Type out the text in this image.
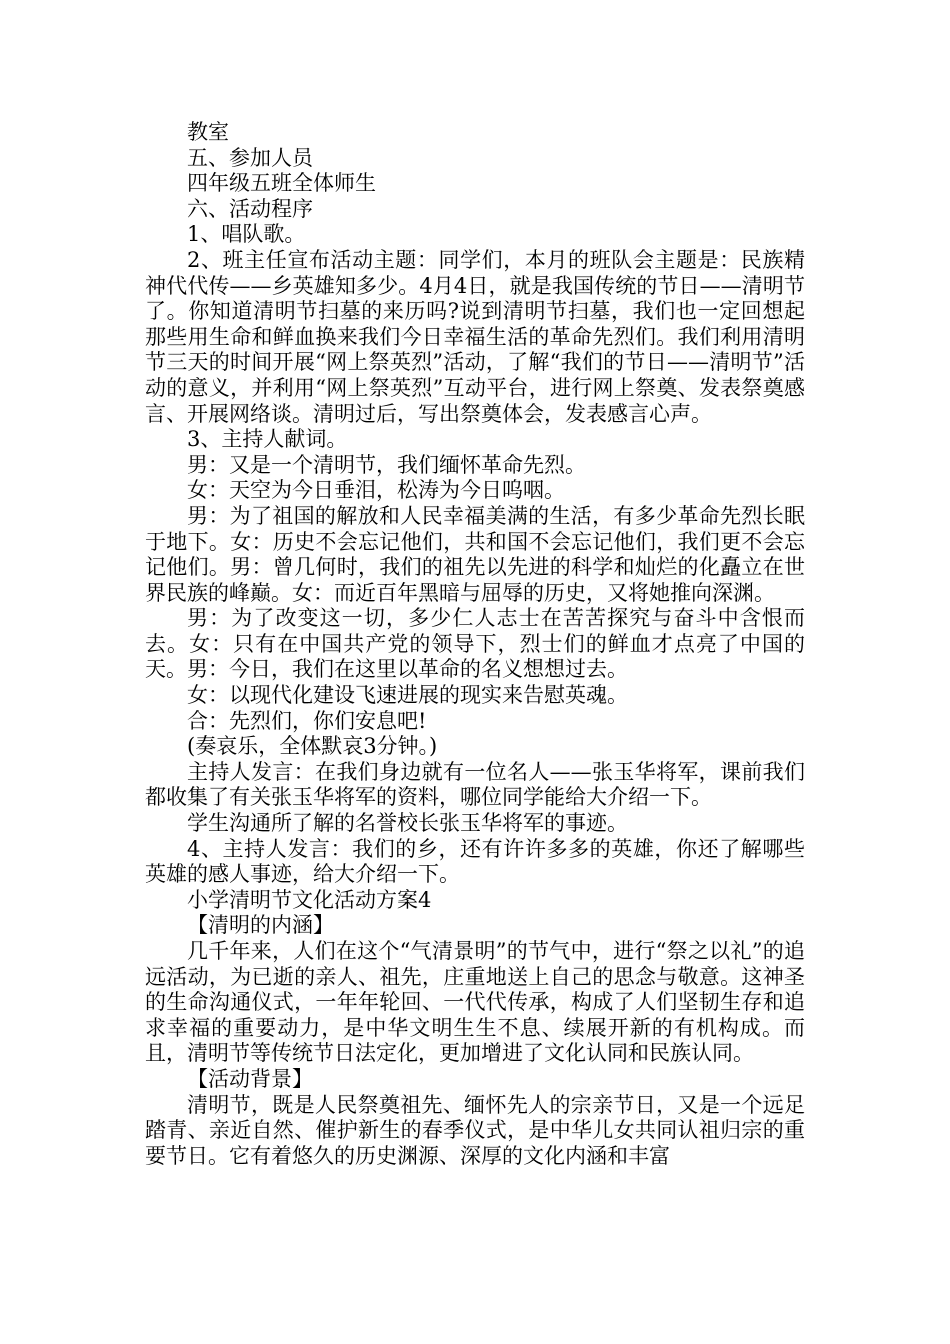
教室

五、参加人员

四年级五班全体师生

六、活动程序

1、唱队歌。

2、班主任宣布活动主题：同学们，本月的班队会主题是：民族精神代代传——乡英雄知多少。4月4日，就是我国传统的节日——清明节了。你知道清明节扫墓的来历吗?说到清明节扫墓，我们也一定回想起那些用生命和鲜血换来我们今日幸福生活的革命先烈们。我们利用清明节三天的时间开展“网上祭英烈”活动，了解“我们的节日——清明节”活动的意义，并利用“网上祭英烈”互动平台，进行网上祭奠、发表祭奠感言、开展网络谈。清明过后，写出祭奠体会，发表感言心声。

3、主持人献词。

男：又是一个清明节，我们缅怀革命先烈。

女：天空为今日垂泪，松涛为今日呜咽。

男：为了祖国的解放和人民幸福美满的生活，有多少革命先烈长眠于地下。女：历史不会忘记他们，共和国不会忘记他们，我们更不会忘记他们。男：曾几何时，我们的祖先以先进的科学和灿烂的化矗立在世界民族的峰巅。女：而近百年黑暗与屈辱的历史，又将她推向深渊。

男：为了改变这一切，多少仁人志士在苦苦探究与奋斗中含恨而去。女：只有在中国共产党的领导下，烈士们的鲜血才点亮了中国的天。男：今日，我们在这里以革命的名义想想过去。

女：以现代化建设飞速进展的现实来告慰英魂。

合：先烈们，你们安息吧!

(奏哀乐，全体默哀3分钟。)

主持人发言：在我们身边就有一位名人——张玉华将军，课前我们都收集了有关张玉华将军的资料，哪位同学能给大介绍一下。

学生沟通所了解的名誉校长张玉华将军的事迹。

4、主持人发言：我们的乡，还有许许多多的英雄，你还了解哪些英雄的感人事迹，给大介绍一下。

小学清明节文化活动方案4

【清明的内涵】

几千年来，人们在这个“气清景明”的节气中，进行“祭之以礼”的追远活动，为已逝的亲人、祖先，庄重地送上自己的思念与敬意。这神圣的生命沟通仪式，一年年轮回、一代代传承，构成了人们坚韧生存和追求幸福的重要动力，是中华文明生生不息、续展开新的有机构成。而且，清明节等传统节日法定化，更加增进了文化认同和民族认同。

【活动背景】

清明节，既是人民祭奠祖先、缅怀先人的宗亲节日，又是一个远足踏青、亲近自然、催护新生的春季仪式，是中华儿女共同认祖归宗的重要节日。它有着悠久的历史渊源、深厚的文化内涵和丰富
